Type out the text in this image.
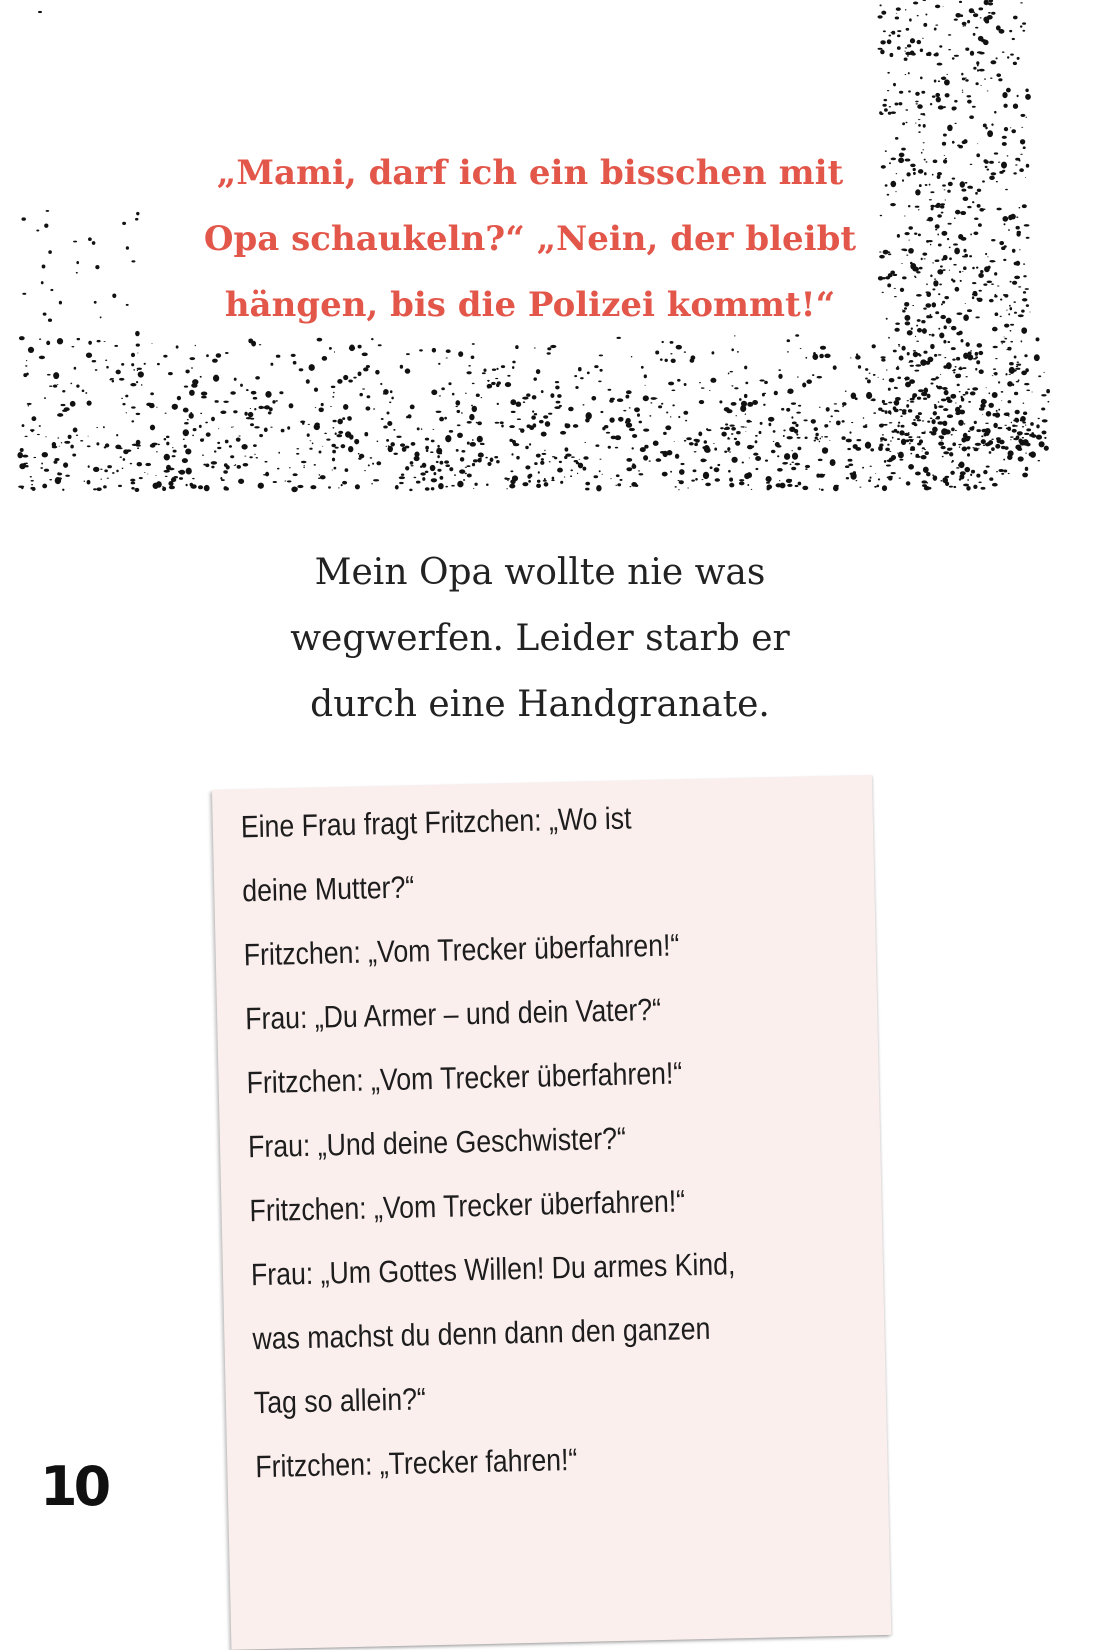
„Mami, darf ich ein bisschen mit
Opa schaukeln?“ „Nein, der bleibt
hängen, bis die Polizei kommt!“
Mein Opa wollte nie was
wegwerfen. Leider starb er
durch eine Handgranate.
Eine Frau fragt Fritzchen: „Wo ist
deine Mutter?“
Fritzchen: „Vom Trecker überfahren!“
Frau: „Du Armer – und dein Vater?“
Fritzchen: „Vom Trecker überfahren!“
Frau: „Und deine Geschwister?“
Fritzchen: „Vom Trecker überfahren!“
Frau: „Um Gottes Willen! Du armes Kind,
was machst du denn dann den ganzen
Tag so allein?“
Fritzchen: „Trecker fahren!“
10
